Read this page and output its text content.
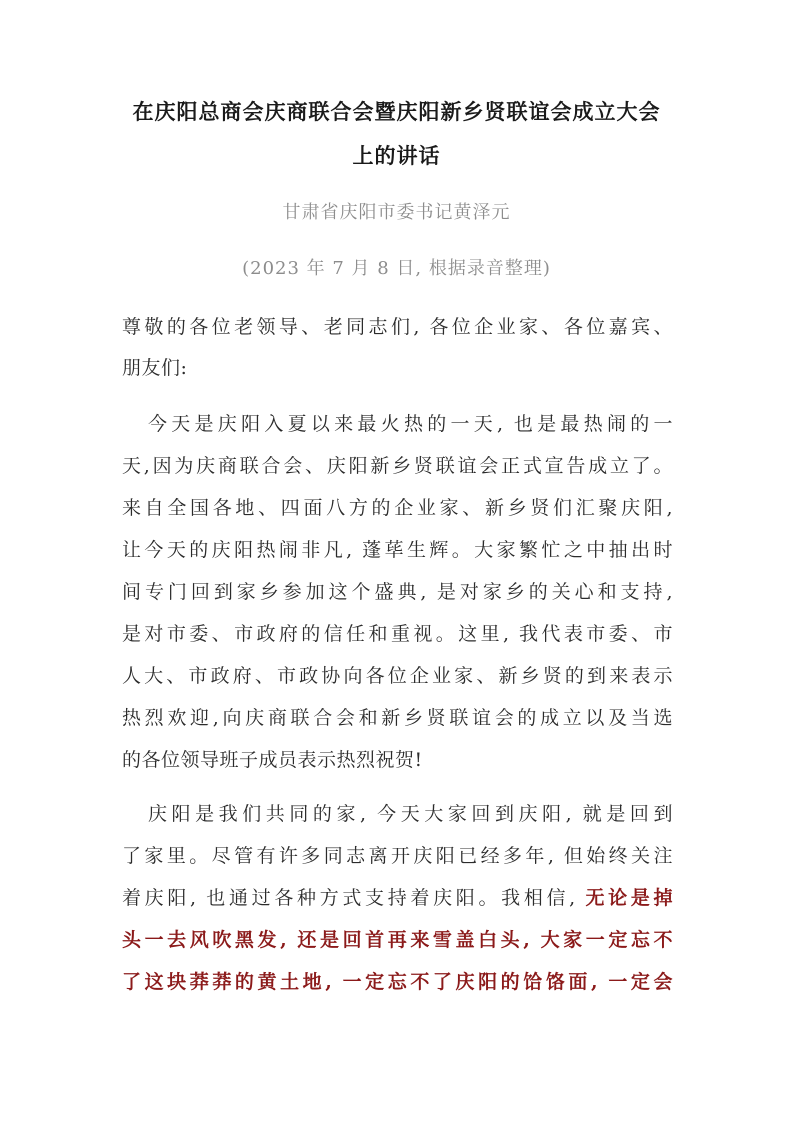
在庆阳总商会庆商联合会暨庆阳新乡贤联谊会成立大会
上的讲话
甘肃省庆阳市委书记黄泽元
(2023 年 7 月 8 日, 根据录音整理)
尊敬的各位老领导、老同志们, 各位企业家、各位嘉宾、
朋友们:
今天是庆阳入夏以来最火热的一天, 也是最热闹的一
天,因为庆商联合会、庆阳新乡贤联谊会正式宣告成立了。
来自全国各地、四面八方的企业家、新乡贤们汇聚庆阳,
让今天的庆阳热闹非凡, 蓬荜生辉。大家繁忙之中抽出时
间专门回到家乡参加这个盛典, 是对家乡的关心和支持,
是对市委、市政府的信任和重视。这里, 我代表市委、市
人大、市政府、市政协向各位企业家、新乡贤的到来表示
热烈欢迎,向庆商联合会和新乡贤联谊会的成立以及当选
的各位领导班子成员表示热烈祝贺!
庆阳是我们共同的家, 今天大家回到庆阳, 就是回到
了家里。尽管有许多同志离开庆阳已经多年, 但始终关注
着庆阳, 也通过各种方式支持着庆阳。我相信, 无论是掉
头一去风吹黑发, 还是回首再来雪盖白头, 大家一定忘不
了这块莽莽的黄土地, 一定忘不了庆阳的饸饹面, 一定会
